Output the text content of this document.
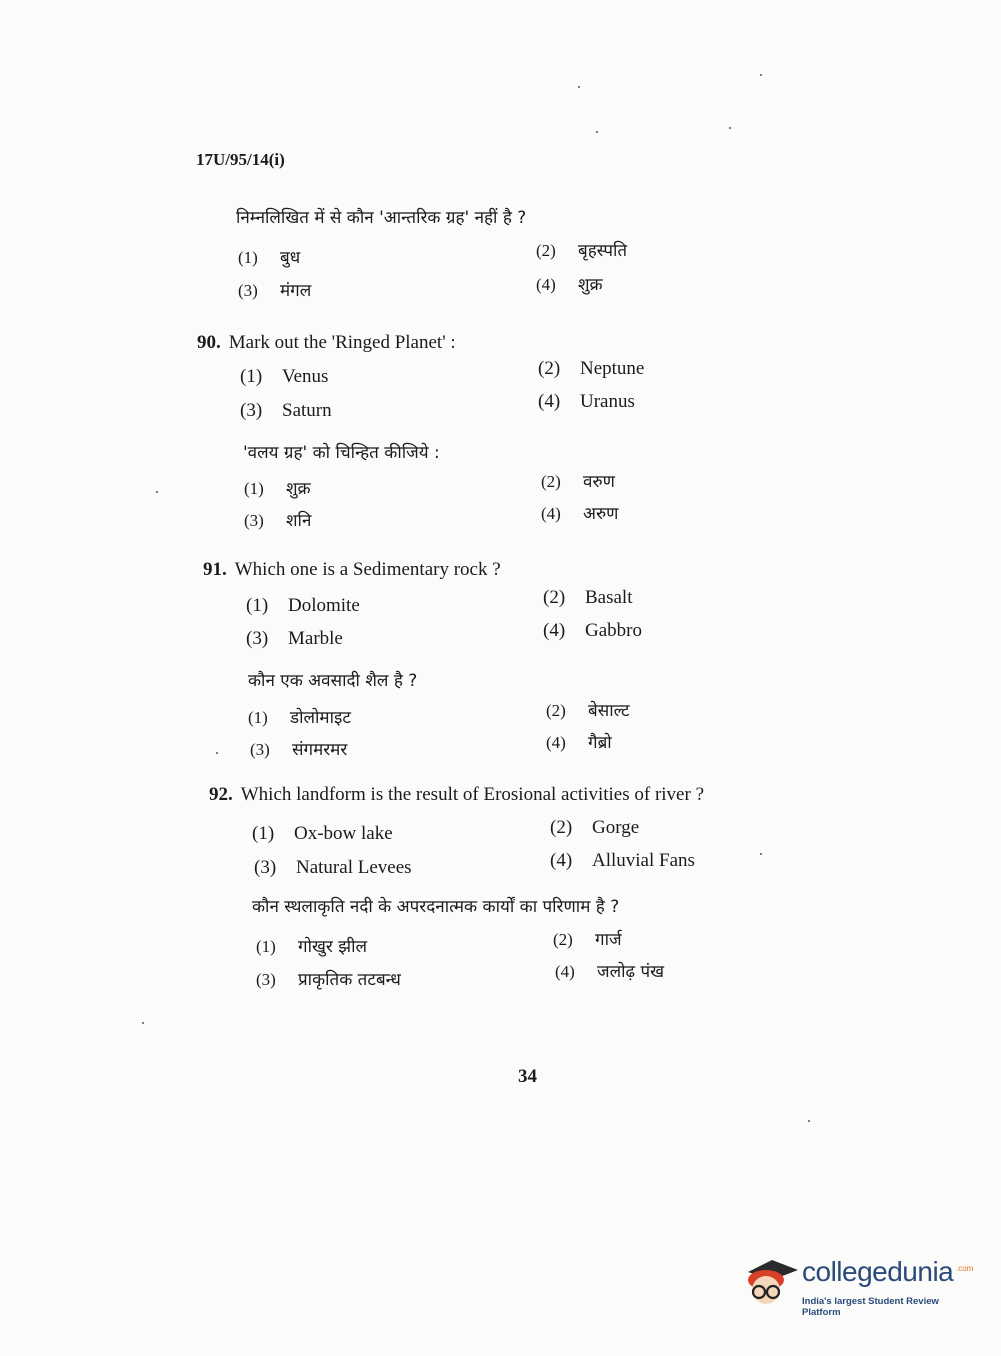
17U/95/14(i)
निम्नलिखित में से कौन 'आन्तरिक ग्रह' नहीं है ?
(1) बुध	(2) बृहस्पति
(3) मंगल	(4) शुक्र
90. Mark out the 'Ringed Planet' :
(1) Venus	(2) Neptune
(3) Saturn	(4) Uranus
'वलय ग्रह' को चिन्हित कीजिये :
(1) शुक्र	(2) वरुण
(3) शनि	(4) अरुण
91. Which one is a Sedimentary rock ?
(1) Dolomite	(2) Basalt
(3) Marble	(4) Gabbro
कौन एक अवसादी शैल है ?
(1) डोलोमाइट	(2) बेसाल्ट
(3) संगमरमर	(4) गैब्रो
92. Which landform is the result of Erosional activities of river ?
(1) Ox-bow lake	(2) Gorge
(3) Natural Levees	(4) Alluvial Fans
कौन स्थलाकृति नदी के अपरदनात्मक कार्यों का परिणाम है ?
(1) गोखुर झील	(2) गार्ज
(3) प्राकृतिक तटबन्ध	(4) जलोढ़ पंख
34
collegedunia .com
India's largest Student Review Platform
